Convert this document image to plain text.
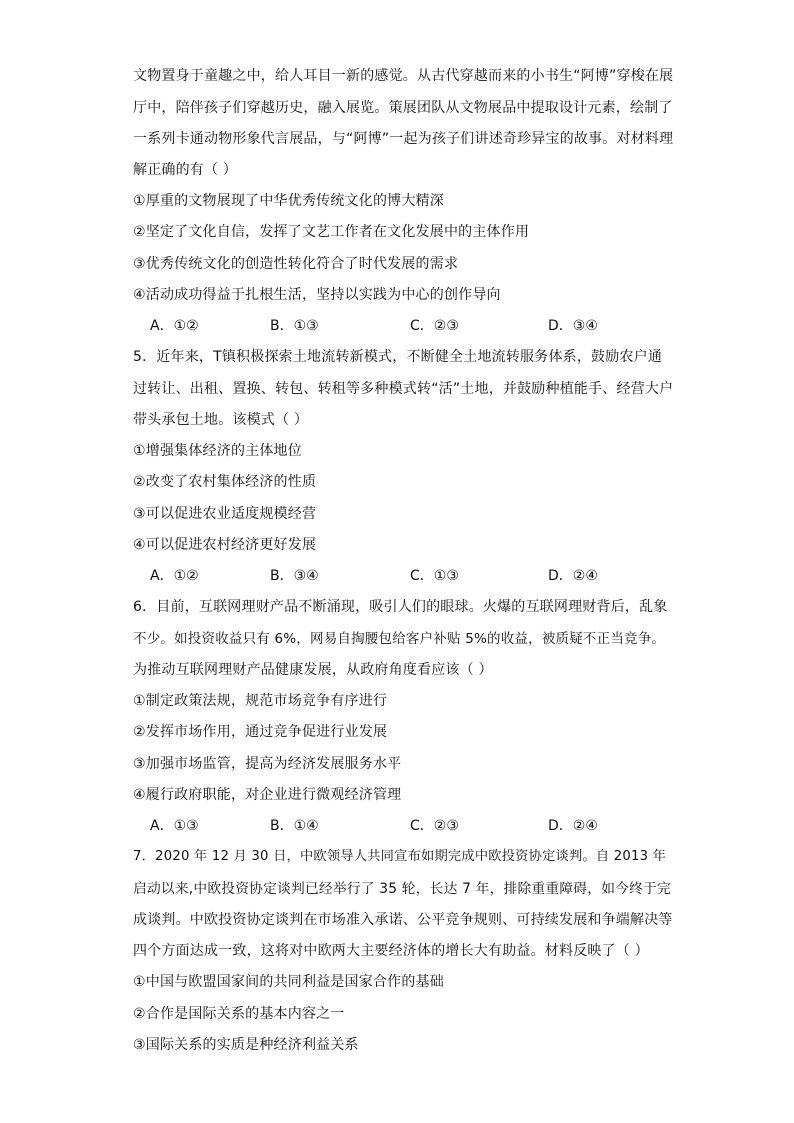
文物置身于童趣之中，给人耳目一新的感觉。从古代穿越而来的小书生“阿博”穿梭在展
厅中，陪伴孩子们穿越历史，融入展览。策展团队从文物展品中提取设计元素，绘制了
一系列卡通动物形象代言展品，与“阿博”一起为孩子们讲述奇珍异宝的故事。对材料理
解正确的有（ ）
①厚重的文物展现了中华优秀传统文化的博大精深
②坚定了文化自信，发挥了文艺工作者在文化发展中的主体作用
③优秀传统文化的创造性转化符合了时代发展的需求
④活动成功得益于扎根生活，坚持以实践为中心的创作导向
A．①②	B．①③	C．②③	D．③④
5．近年来，T镇积极探索土地流转新模式，不断健全土地流转服务体系，鼓励农户通
过转让、出租、置换、转包、转租等多种模式转“活”土地，并鼓励种植能手、经营大户
带头承包土地。该模式（ ）
①增强集体经济的主体地位
②改变了农村集体经济的性质
③可以促进农业适度规模经营
④可以促进农村经济更好发展
A．①②	B．③④	C．①③	D．②④
6．目前，互联网理财产品不断涌现，吸引人们的眼球。火爆的互联网理财背后，乱象
不少。如投资收益只有 6%，网易自掏腰包给客户补贴 5%的收益，被质疑不正当竞争。
为推动互联网理财产品健康发展，从政府角度看应该（ ）
①制定政策法规，规范市场竞争有序进行
②发挥市场作用，通过竞争促进行业发展
③加强市场监管，提高为经济发展服务水平
④履行政府职能，对企业进行微观经济管理
A．①③	B．①④	C．②③	D．②④
7．2020 年 12 月 30 日，中欧领导人共同宣布如期完成中欧投资协定谈判。自 2013 年
启动以来,中欧投资协定谈判已经举行了 35 轮，长达 7 年，排除重重障碍，如今终于完
成谈判。中欧投资协定谈判在市场准入承诺、公平竞争规则、可持续发展和争端解决等
四个方面达成一致，这将对中欧两大主要经济体的增长大有助益。材料反映了（ ）
①中国与欧盟国家间的共同利益是国家合作的基础
②合作是国际关系的基本内容之一
③国际关系的实质是种经济利益关系
